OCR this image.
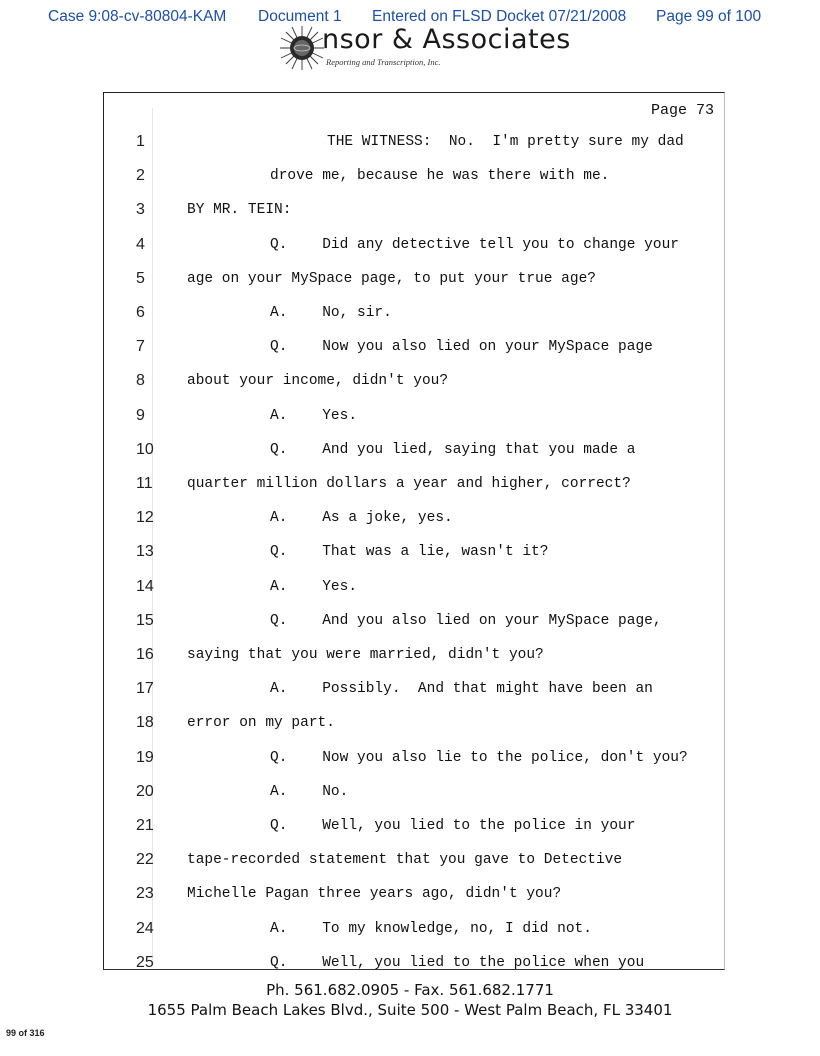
Case 9:08-cv-80804-KAM Document 1 Entered on FLSD Docket 07/21/2008 Page 99 of 100
nsor & Associates
Reporting and Transcription, Inc.
Page 73
1	THE WITNESS:  No.  I'm pretty sure my dad
2	drove me, because he was there with me.
3	BY MR. TEIN:
4	Q.    Did any detective tell you to change your
5	age on your MySpace page, to put your true age?
6	A.    No, sir.
7	Q.    Now you also lied on your MySpace page
8	about your income, didn't you?
9	A.    Yes.
10	Q.    And you lied, saying that you made a
11	quarter million dollars a year and higher, correct?
12	A.    As a joke, yes.
13	Q.    That was a lie, wasn't it?
14	A.    Yes.
15	Q.    And you also lied on your MySpace page,
16	saying that you were married, didn't you?
17	A.    Possibly.  And that might have been an
18	error on my part.
19	Q.    Now you also lie to the police, don't you?
20	A.    No.
21	Q.    Well, you lied to the police in your
22	tape-recorded statement that you gave to Detective
23	Michelle Pagan three years ago, didn't you?
24	A.    To my knowledge, no, I did not.
25	Q.    Well, you lied to the police when you
Ph. 561.682.0905 - Fax. 561.682.1771
1655 Palm Beach Lakes Blvd., Suite 500 - West Palm Beach, FL 33401
99 of 316
